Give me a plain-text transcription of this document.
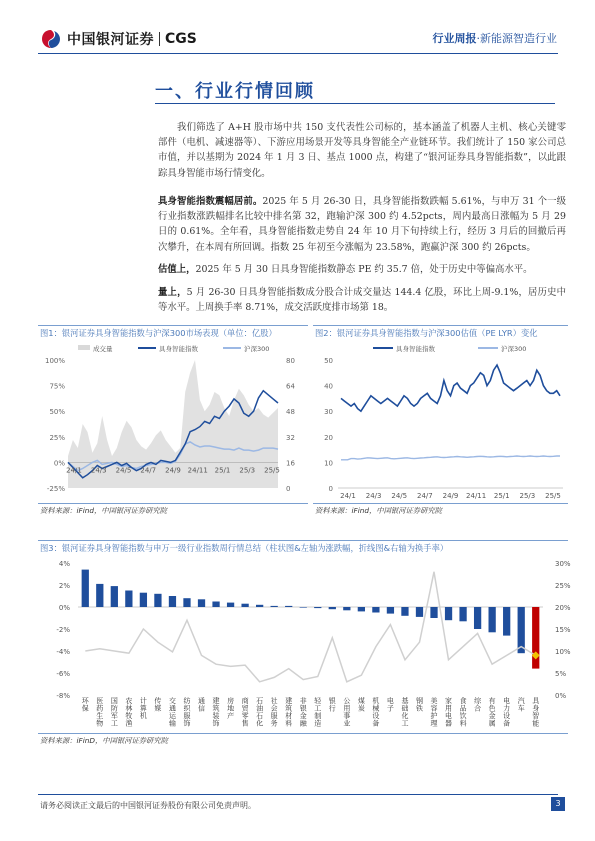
中国银河证券 CGS	行业周报·新能源智造行业
一、行业行情回顾
我们筛选了 A+H 股市场中共 150 支代表性公司标的，基本涵盖了机器人主机、核心关键零部件（电机、减速器等）、下游应用场景开发等具身智能全产业链环节。我们统计了 150 家公司总市值，并以基期为 2024 年 1 月 3 日、基点 1000 点，构建了“银河证券具身智能指数”，以此跟踪具身智能市场行情变化。
具身智能指数震幅居前。2025 年 5 月 26-30 日，具身智能指数跌幅 5.61%，与申万 31 个一级行业指数涨跌幅排名比较中排名第 32，跑输沪深 300 约 4.52pcts，周内最高日涨幅为 5 月 29 日的 0.61%。全年看，具身智能指数走势自 24 年 10 月下旬持续上行，经历 3 月后的回撤后再次攀升，在本周有所回调。指数 25 年初至今涨幅为 23.58%，跑赢沪深 300 约 26pcts。
估值上，2025 年 5 月 30 日具身智能指数静态 PE 约 35.7 倍，处于历史中等偏高水平。
量上，5 月 26-30 日具身智能指数成分股合计成交量达 144.4 亿股，环比上周-9.1%，居历史中等水平。上周换手率 8.71%，成交活跃度排市场第 18。
图1：银河证券具身智能指数与沪深300市场表现（单位：亿股）
成交量	具身智能指数	沪深300
100%
75%
50%
25%
0%
-25%
80
64
48
32
16
0
24/1 24/3 24/5 24/7 24/9 24/11 25/1 25/3 25/5
资料来源：iFind，中国银河证券研究院
图2：银河证券具身智能指数与沪深300估值（PE LYR）变化
具身智能指数	沪深300
50
40
30
20
10
0
24/1 24/3 24/5 24/7 24/9 24/11 25/1 25/3 25/5
资料来源：iFind，中国银河证券研究院
图3：银河证券具身智能指数与申万一级行业指数周行情总结（柱状图&左轴为涨跌幅，折线图&右轴为换手率）
4%
2%
0%
-2%
-4%
-6%
-8%
30%
25%
20%
15%
10%
5%
0%
环保
医药生物
国防军工
农林牧渔
计算机
传媒
交通运输
纺织服饰
通信
建筑装饰
房地产
商贸零售
石油石化
社会服务
建筑材料
非银金融
轻工制造
银行
公用事业
煤炭
机械设备
电子
基础化工
钢铁
美容护理
家用电器
食品饮料
综合
有色金属
电力设备
汽车
具身智能
资料来源：iFinD，中国银河证券研究院
请务必阅读正文最后的中国银河证券股份有限公司免责声明。	3
